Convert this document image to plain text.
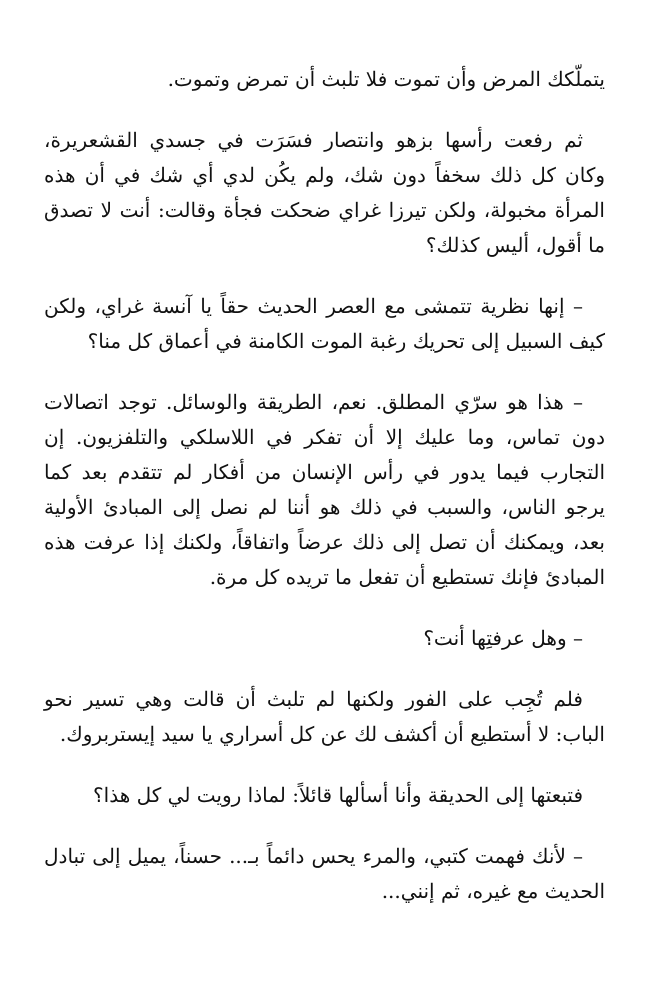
يتملّكك المرض وأن تموت فلا تلبث أن تمرض وتموت.

ثم رفعت رأسها بزهو وانتصار فسَرَت في جسدي القشعريرة، وكان كل ذلك سخفاً دون شك، ولم يكُن لدي أي شك في أن هذه المرأة مخبولة، ولكن تيرزا غراي ضحكت فجأة وقالت: أنت لا تصدق ما أقول، أليس كذلك؟

– إنها نظرية تتمشى مع العصر الحديث حقاً يا آنسة غراي، ولكن كيف السبيل إلى تحريك رغبة الموت الكامنة في أعماق كل منا؟

– هذا هو سرّي المطلق. نعم، الطريقة والوسائل. توجد اتصالات دون تماس، وما عليك إلا أن تفكر في اللاسلكي والتلفزيون. إن التجارب فيما يدور في رأس الإنسان من أفكار لم تتقدم بعد كما يرجو الناس، والسبب في ذلك هو أننا لم نصل إلى المبادئ الأولية بعد، ويمكنك أن تصل إلى ذلك عرضاً واتفاقاً، ولكنك إذا عرفت هذه المبادئ فإنك تستطيع أن تفعل ما تريده كل مرة.

– وهل عرفتِها أنت؟

فلم تُجِب على الفور ولكنها لم تلبث أن قالت وهي تسير نحو الباب: لا أستطيع أن أكشف لك عن كل أسراري يا سيد إيستربروك.

فتبعتها إلى الحديقة وأنا أسألها قائلاً: لماذا رويت لي كل هذا؟

– لأنك فهمت كتبي، والمرء يحس دائماً بـ... حسناً، يميل إلى تبادل الحديث مع غيره، ثم إنني...
